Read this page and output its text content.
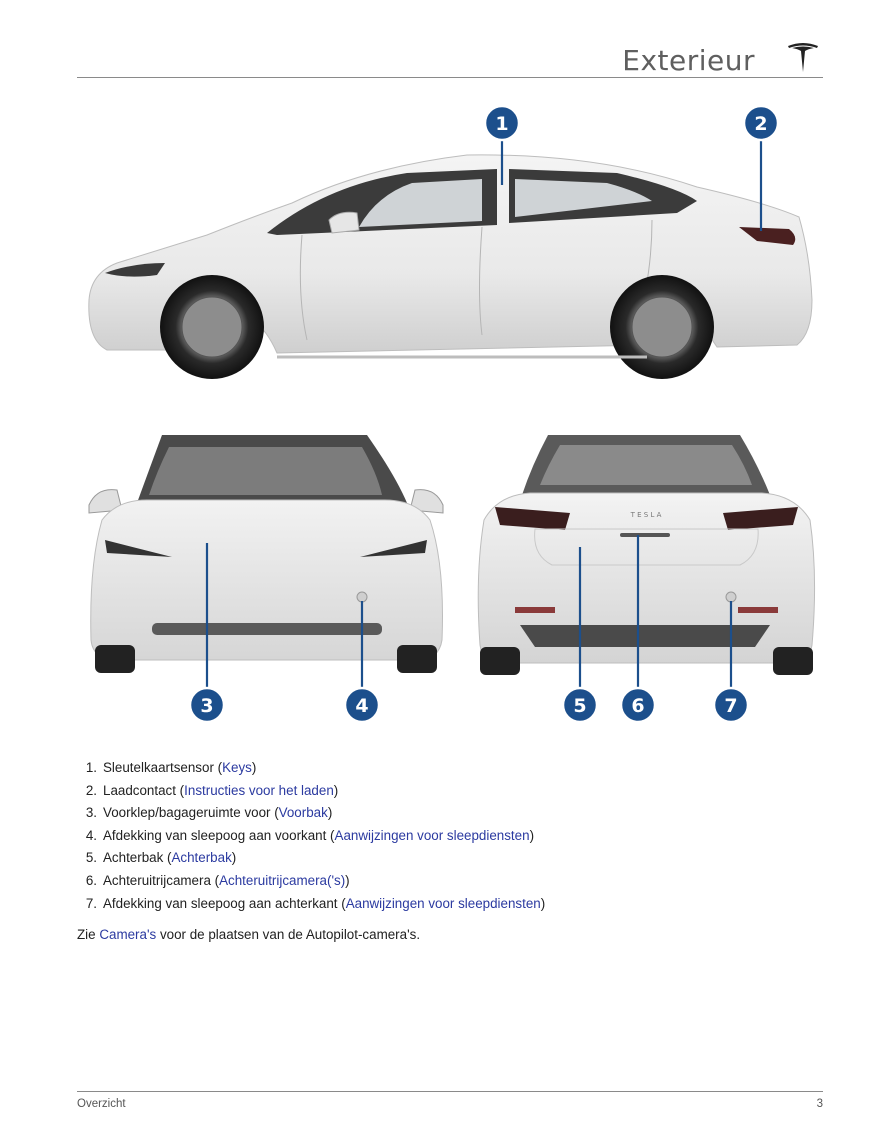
Exterieur
1	2
3	4
T E S L A
5 6	7
1. Sleutelkaartsensor (Keys)
2. Laadcontact (Instructies voor het laden)
3. Voorklep/bagageruimte voor (Voorbak)
4. Afdekking van sleepoog aan voorkant (Aanwijzingen voor sleepdiensten)
5. Achterbak (Achterbak)
6. Achteruitrijcamera (Achteruitrijcamera('s))
7. Afdekking van sleepoog aan achterkant (Aanwijzingen voor sleepdiensten)
Zie Camera's voor de plaatsen van de Autopilot-camera's.
Overzicht	3
